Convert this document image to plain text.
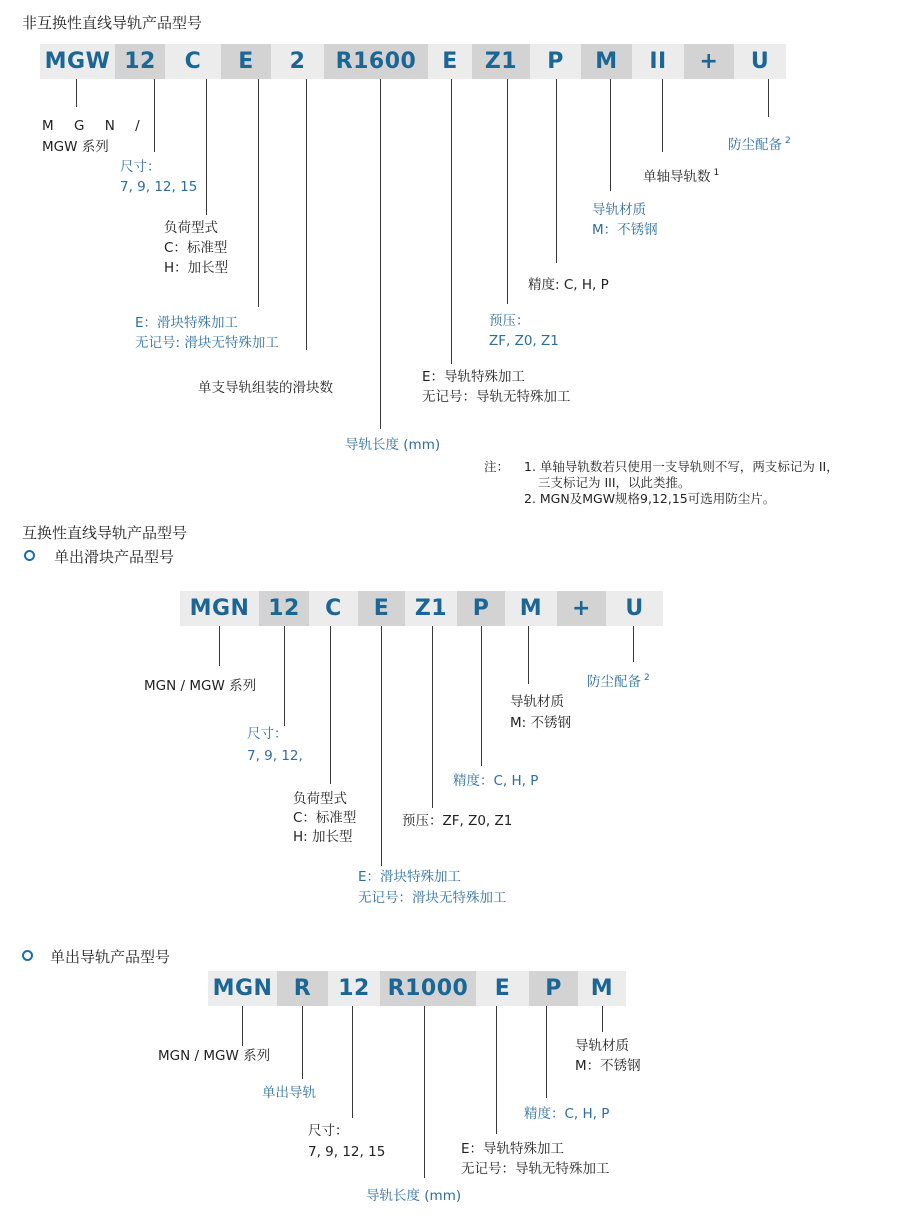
非互换性直线导轨产品型号
MGW 12	C	E	2	R1600	E	Z1	P	M	II	+	U
M G N /
MGW 系列
尺寸：
7, 9, 12, 15
负荷型式
C：标准型
H：加长型
E：滑块特殊加工
无记号: 滑块无特殊加工
单支导轨组装的滑块数
导轨长度 (mm)
E：导轨特殊加工
无记号：导轨无特殊加工
预压：
ZF, Z0, Z1
精度: C, H, P
导轨材质
M：不锈钢
单轴导轨数 $^1$
防尘配备 $^2$
注： 1. 单轴导轨数若只使用一支导轨则不写，两支标记为 II，
三支标记为 III，以此类推。
2. MGN及MGW规格9,12,15可选用防尘片。
互换性直线导轨产品型号
单出滑块产品型号
MGN 12	C	E	Z1	P	M	+	U
MGN / MGW 系列
尺寸：
7, 9, 12,
负荷型式
C：标准型
H: 加长型
E：滑块特殊加工
无记号：滑块无特殊加工
预压：ZF, Z0, Z1
精度：C, H, P
导轨材质
M: 不锈钢
防尘配备 $^2$
单出导轨产品型号
MGN R	12 R1000	E	P	M
MGN / MGW 系列
单出导轨
尺寸：
7, 9, 12, 15
导轨长度 (mm)
E：导轨特殊加工
无记号：导轨无特殊加工
精度：C, H, P
导轨材质
M：不锈钢
